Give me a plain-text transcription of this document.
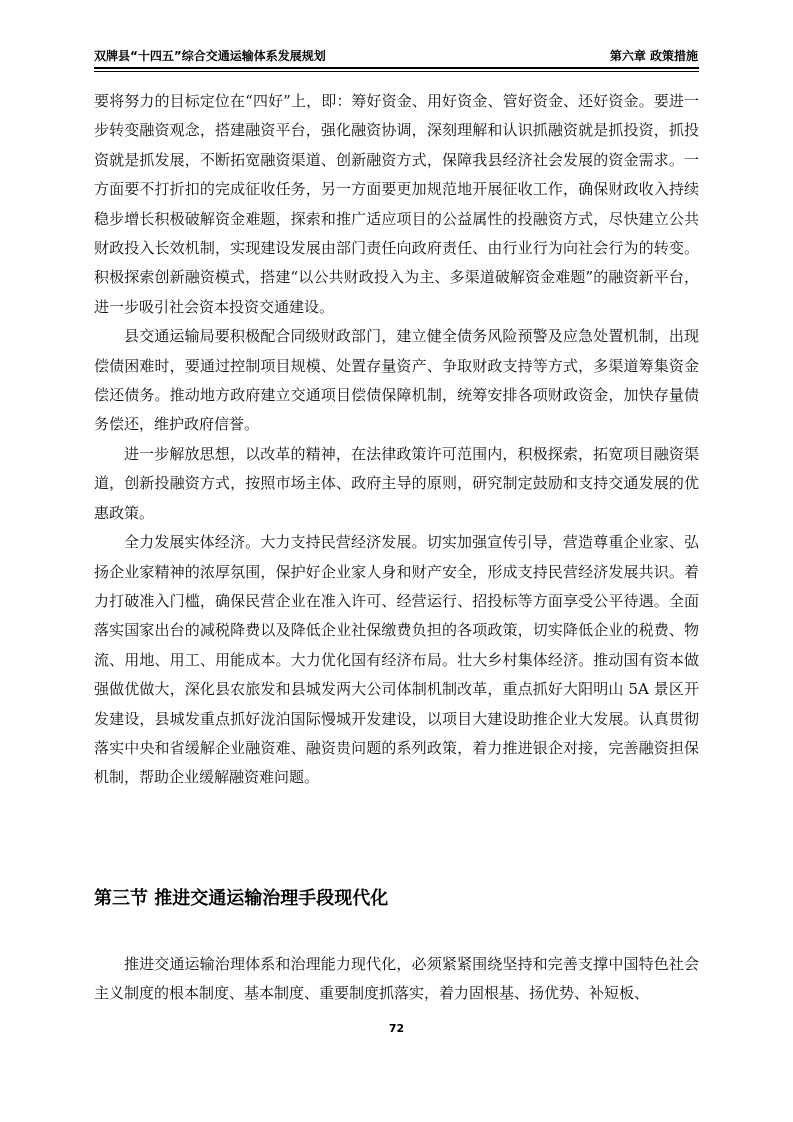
双牌县“十四五”综合交通运输体系发展规划	第六章 政策措施

要将努力的目标定位在“四好”上，即：筹好资金、用好资金、管好资金、还好资金。要进一步转变融资观念，搭建融资平台，强化融资协调，深刻理解和认识抓融资就是抓投资，抓投资就是抓发展，不断拓宽融资渠道、创新融资方式，保障我县经济社会发展的资金需求。一方面要不打折扣的完成征收任务，另一方面要更加规范地开展征收工作，确保财政收入持续稳步增长积极破解资金难题，探索和推广适应项目的公益属性的投融资方式，尽快建立公共财政投入长效机制，实现建设发展由部门责任向政府责任、由行业行为向社会行为的转变。积极探索创新融资模式，搭建“以公共财政投入为主、多渠道破解资金难题”的融资新平台，进一步吸引社会资本投资交通建设。

县交通运输局要积极配合同级财政部门，建立健全债务风险预警及应急处置机制，出现偿债困难时，要通过控制项目规模、处置存量资产、争取财政支持等方式，多渠道筹集资金偿还债务。推动地方政府建立交通项目偿债保障机制，统筹安排各项财政资金，加快存量债务偿还，维护政府信誉。

进一步解放思想，以改革的精神，在法律政策许可范围内，积极探索，拓宽项目融资渠道，创新投融资方式，按照市场主体、政府主导的原则，研究制定鼓励和支持交通发展的优惠政策。

全力发展实体经济。大力支持民营经济发展。切实加强宣传引导，营造尊重企业家、弘扬企业家精神的浓厚氛围，保护好企业家人身和财产安全，形成支持民营经济发展共识。着力打破准入门槛，确保民营企业在准入许可、经营运行、招投标等方面享受公平待遇。全面落实国家出台的减税降费以及降低企业社保缴费负担的各项政策，切实降低企业的税费、物流、用地、用工、用能成本。大力优化国有经济布局。壮大乡村集体经济。推动国有资本做强做优做大，深化县农旅发和县城发两大公司体制机制改革，重点抓好大阳明山 5A 景区开发建设，县城发重点抓好泷泊国际慢城开发建设，以项目大建设助推企业大发展。认真贯彻落实中央和省缓解企业融资难、融资贵问题的系列政策，着力推进银企对接，完善融资担保机制，帮助企业缓解融资难问题。

第三节 推进交通运输治理手段现代化

推进交通运输治理体系和治理能力现代化，必须紧紧围绕坚持和完善支撑中国特色社会主义制度的根本制度、基本制度、重要制度抓落实，着力固根基、扬优势、补短板、

72
